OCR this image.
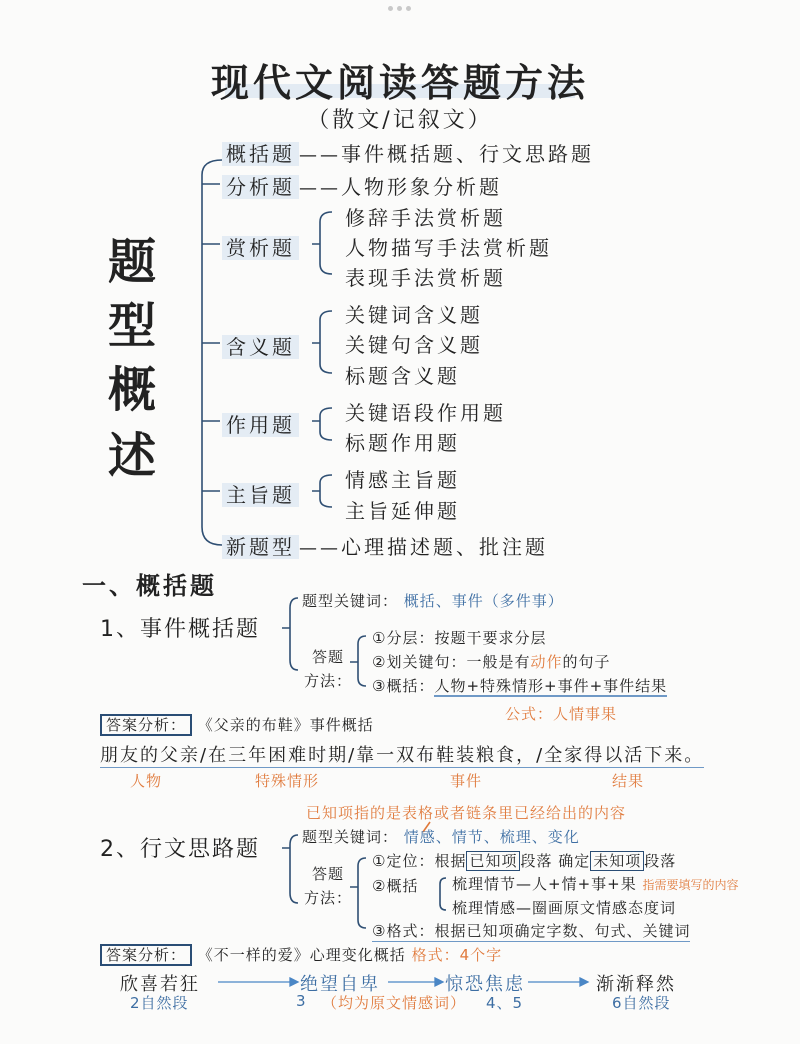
现代文阅读答题方法
（散文/记叙文）
题
型
概
述
概括题 ——事件概括题、行文思路题
分析题 ——人物形象分析题
赏析题
修辞手法赏析题
人物描写手法赏析题
表现手法赏析题
含义题
关键词含义题
关键句含义题
标题含义题
作用题	关键语段作用题
标题作用题
主旨题
情感主旨题
主旨延伸题
新题型 ——心理描述题、批注题
一、概括题
1、事件概括题
题型关键词： 概括、事件（多件事）
答题
方法：
①分层：按题干要求分层
②划关键句：一般是有动作的句子
③概括：人物+特殊情形+事件+事件结果
公式：人情事果
答案分析： 《父亲的布鞋》事件概括
朋友的父亲/在三年困难时期/靠一双布鞋装粮食，/全家得以活下来。
人物	特殊情形	事件	结果
已知项指的是表格或者链条里已经给出的内容
2、行文思路题	题型关键词： 情感、情节、梳理、变化
答题
方法：
①定位：根据 已知项 段落 确定 未知项 段落
②概括 梳理情节—人+情+事+果 指需要填写的内容
梳理情感—圈画原文情感态度词
③格式：根据已知项确定字数、句式、关键词
答案分析： 《不一样的爱》心理变化概括 格式：4个字
欣喜若狂	绝望自卑	惊恐焦虑	渐渐释然
2自然段	3 （均为原文情感词） 4、5	6自然段
